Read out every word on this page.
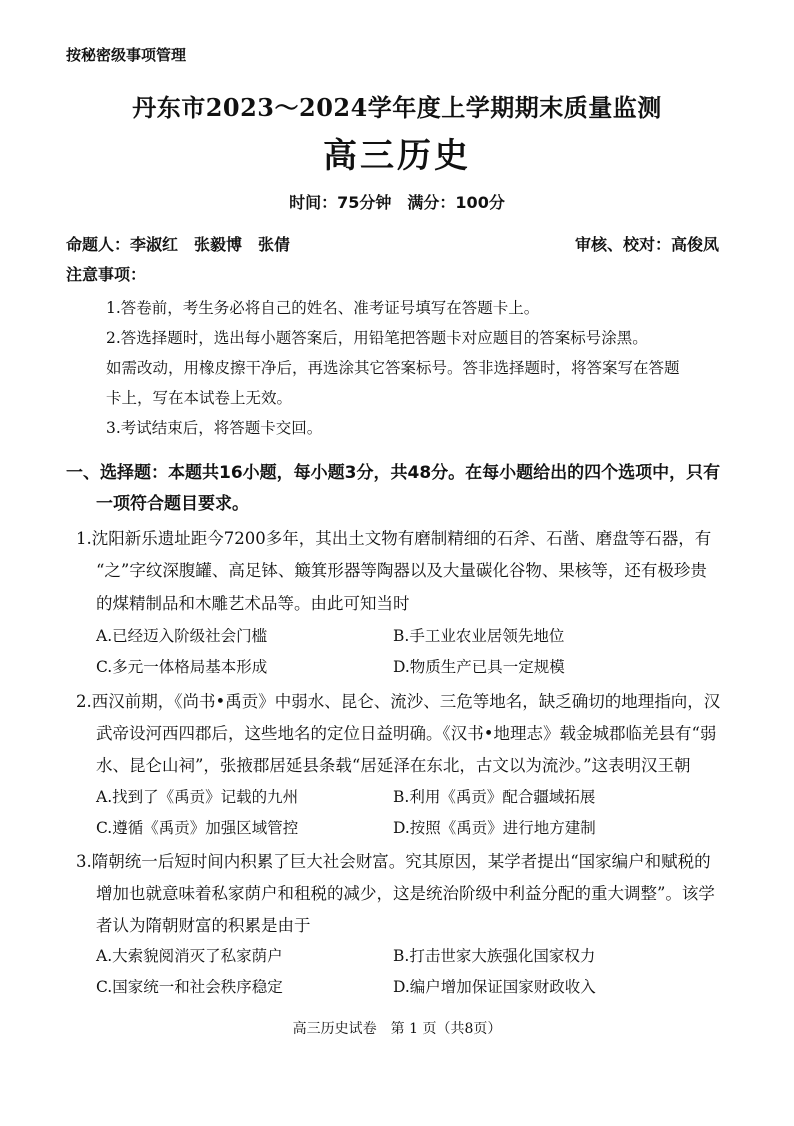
按秘密级事项管理
丹东市2023～2024学年度上学期期末质量监测
高三历史
时间：75分钟　满分：100分
命题人：李淑红　张毅博　张倩	审核、校对：高俊凤
注意事项：
1.答卷前，考生务必将自己的姓名、准考证号填写在答题卡上。
2.答选择题时，选出每小题答案后，用铅笔把答题卡对应题目的答案标号涂黑。
如需改动，用橡皮擦干净后，再选涂其它答案标号。答非选择题时，将答案写在答题
卡上，写在本试卷上无效。
3.考试结束后，将答题卡交回。
一、选择题：本题共16小题，每小题3分，共48分。在每小题给出的四个选项中，只有
一项符合题目要求。
1.沈阳新乐遗址距今7200多年，其出土文物有磨制精细的石斧、石凿、磨盘等石器，有
“之”字纹深腹罐、高足钵、簸箕形器等陶器以及大量碳化谷物、果核等，还有极珍贵
的煤精制品和木雕艺术品等。由此可知当时
A.已经迈入阶级社会门槛	B.手工业农业居领先地位
C.多元一体格局基本形成	D.物质生产已具一定规模
2.西汉前期，《尚书•禹贡》中弱水、昆仑、流沙、三危等地名，缺乏确切的地理指向，汉
武帝设河西四郡后，这些地名的定位日益明确。《汉书•地理志》载金城郡临羌县有“弱
水、昆仑山祠”，张掖郡居延县条载“居延泽在东北，古文以为流沙。”这表明汉王朝
A.找到了《禹贡》记载的九州	B.利用《禹贡》配合疆域拓展
C.遵循《禹贡》加强区域管控	D.按照《禹贡》进行地方建制
3.隋朝统一后短时间内积累了巨大社会财富。究其原因，某学者提出“国家编户和赋税的
增加也就意味着私家荫户和租税的减少，这是统治阶级中利益分配的重大调整”。该学
者认为隋朝财富的积累是由于
A.大索貌阅消灭了私家荫户	B.打击世家大族强化国家权力
C.国家统一和社会秩序稳定	D.编户增加保证国家财政收入
高三历史试卷　第 1 页（共8页）
